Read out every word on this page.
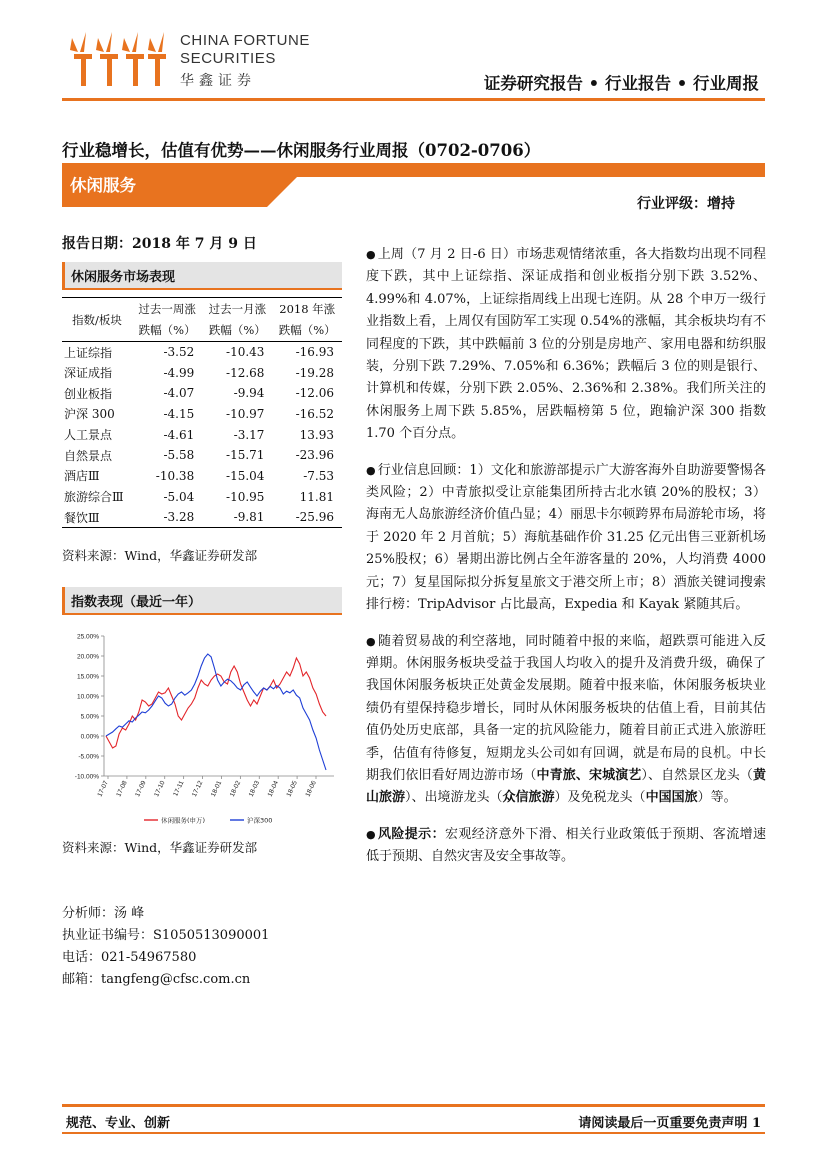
CHINA FORTUNE
SECURITIES
华鑫证券	证券研究报告 • 行业报告 • 行业周报
行业稳增长，估值有优势——休闲服务行业周报（0702-0706）
休闲服务
行业评级：增持
报告日期：2018 年 7 月 9 日
休闲服务市场表现
指数/板块	过去一周涨	过去一月涨	2018 年涨
	跌幅（%）	跌幅（%）	跌幅（%）
上证综指	-3.52	-10.43	-16.93
深证成指	-4.99	-12.68	-19.28
创业板指	-4.07	-9.94	-12.06
沪深 300	-4.15	-10.97	-16.52
人工景点	-4.61	-3.17	13.93
自然景点	-5.58	-15.71	-23.96
酒店Ⅲ	-10.38	-15.04	-7.53
旅游综合Ⅲ	-5.04	-10.95	11.81
餐饮Ⅲ	-3.28	-9.81	-25.96
资料来源：Wind，华鑫证券研发部
指数表现（最近一年）
25.00%
20.00%
15.00%
10.00%
5.00%
0.00%
-5.00%
-10.00%
17-07 17-08 17-09 17-10 17-11 17-12 18-01 18-02 18-03 18-04 18-05 18-06
休闲服务(申万)	沪深300
资料来源：Wind，华鑫证券研发部
分析师：汤 峰
执业证书编号：S1050513090001
电话：021-54967580
邮箱：tangfeng@cfsc.com.cn

● 上周（7 月 2 日-6 日）市场悲观情绪浓重，各大指数均出现不同程度下跌，其中上证综指、深证成指和创业板指分别下跌 3.52%、4.99%和 4.07%，上证综指周线上出现七连阴。从 28 个申万一级行业指数上看，上周仅有国防军工实现 0.54%的涨幅，其余板块均有不同程度的下跌，其中跌幅前 3 位的分别是房地产、家用电器和纺织服装，分别下跌 7.29%、7.05%和 6.36%；跌幅后 3 位的则是银行、计算机和传媒，分别下跌 2.05%、2.36%和 2.38%。我们所关注的休闲服务上周下跌 5.85%，居跌幅榜第 5 位，跑输沪深 300 指数 1.70 个百分点。

● 行业信息回顾：1）文化和旅游部提示广大游客海外自助游要警惕各类风险；2）中青旅拟受让京能集团所持古北水镇 20%的股权；3）海南无人岛旅游经济价值凸显；4）丽思卡尔顿跨界布局游轮市场，将于 2020 年 2 月首航；5）海航基础作价 31.25 亿元出售三亚新机场 25%股权；6）暑期出游比例占全年游客量的 20%，人均消费 4000 元；7）复星国际拟分拆复星旅文于港交所上市；8）酒旅关键词搜索排行榜：TripAdvisor 占比最高，Expedia 和 Kayak 紧随其后。

● 随着贸易战的利空落地，同时随着中报的来临，超跌票可能进入反弹期。休闲服务板块受益于我国人均收入的提升及消费升级，确保了我国休闲服务板块正处黄金发展期。随着中报来临，休闲服务板块业绩仍有望保持稳步增长，同时从休闲服务板块的估值上看，目前其估值仍处历史底部，具备一定的抗风险能力，随着目前正式进入旅游旺季，估值有待修复，短期龙头公司如有回调，就是布局的良机。中长期我们依旧看好周边游市场（中青旅、宋城演艺）、自然景区龙头（黄山旅游）、出境游龙头（众信旅游）及免税龙头（中国国旅）等。

● 风险提示：宏观经济意外下滑、相关行业政策低于预期、客流增速低于预期、自然灾害及安全事故等。

规范、专业、创新	请阅读最后一页重要免责声明 1
